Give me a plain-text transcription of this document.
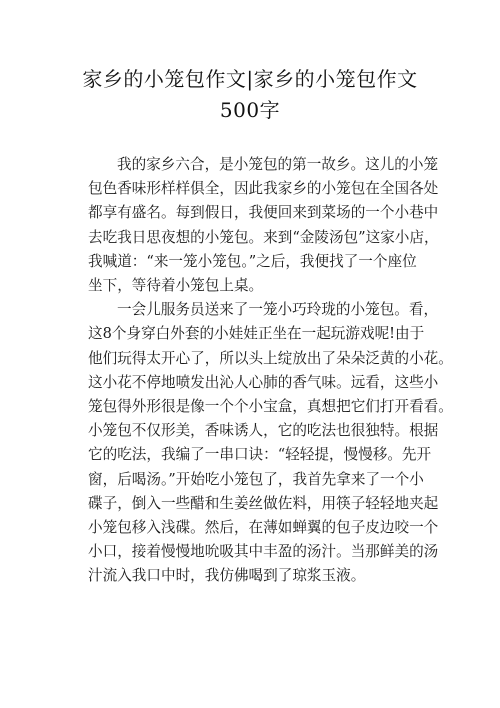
家乡的小笼包作文|家乡的小笼包作文
500字
我的家乡六合，是小笼包的第一故乡。这儿的小笼
包色香味形样样俱全，因此我家乡的小笼包在全国各处
都享有盛名。每到假日，我便回来到菜场的一个小巷中
去吃我日思夜想的小笼包。来到“金陵汤包”这家小店，
我喊道：“来一笼小笼包。”之后，我便找了一个座位
坐下，等待着小笼包上桌。
一会儿服务员送来了一笼小巧玲珑的小笼包。看，
这8个身穿白外套的小娃娃正坐在一起玩游戏呢!由于
他们玩得太开心了，所以头上绽放出了朵朵泛黄的小花。
这小花不停地喷发出沁人心肺的香气味。远看，这些小
笼包得外形很是像一个个小宝盒，真想把它们打开看看。
小笼包不仅形美，香味诱人，它的吃法也很独特。根据
它的吃法，我编了一串口诀：“轻轻提，慢慢移。先开
窗，后喝汤。”开始吃小笼包了，我首先拿来了一个小
碟子，倒入一些醋和生姜丝做佐料，用筷子轻轻地夹起
小笼包移入浅碟。然后，在薄如蝉翼的包子皮边咬一个
小口，接着慢慢地吮吸其中丰盈的汤汁。当那鲜美的汤
汁流入我口中时，我仿佛喝到了琼浆玉液。
